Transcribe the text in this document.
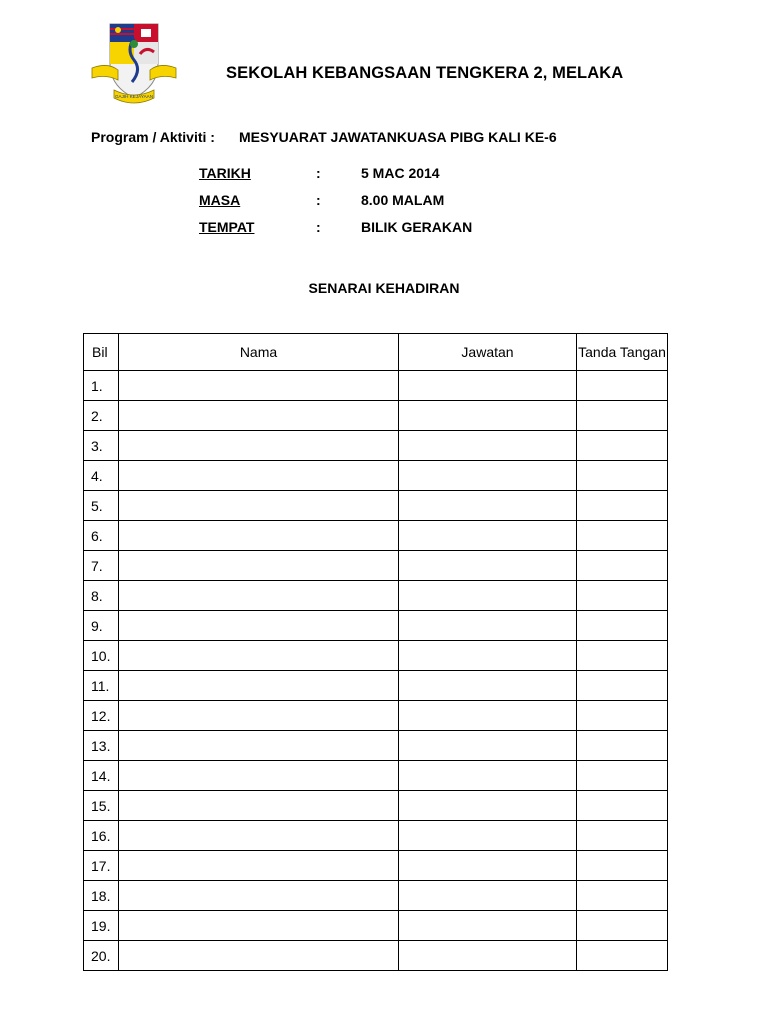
GAJIH KEJAYAAN
SEKOLAH KEBANGSAAN TENGKERA 2, MELAKA
Program / Aktiviti : MESYUARAT JAWATANKUASA PIBG KALI KE-6
TARIKH	:	5 MAC 2014
MASA	:	8.00 MALAM
TEMPAT	:	BILIK GERAKAN
SENARAI KEHADIRAN
Bil	Nama	Jawatan	Tanda Tangan
1.			
2.			
3.			
4.			
5.			
6.			
7.			
8.			
9.			
10.			
11.			
12.			
13.			
14.			
15.			
16.			
17.			
18.			
19.			
20.			
